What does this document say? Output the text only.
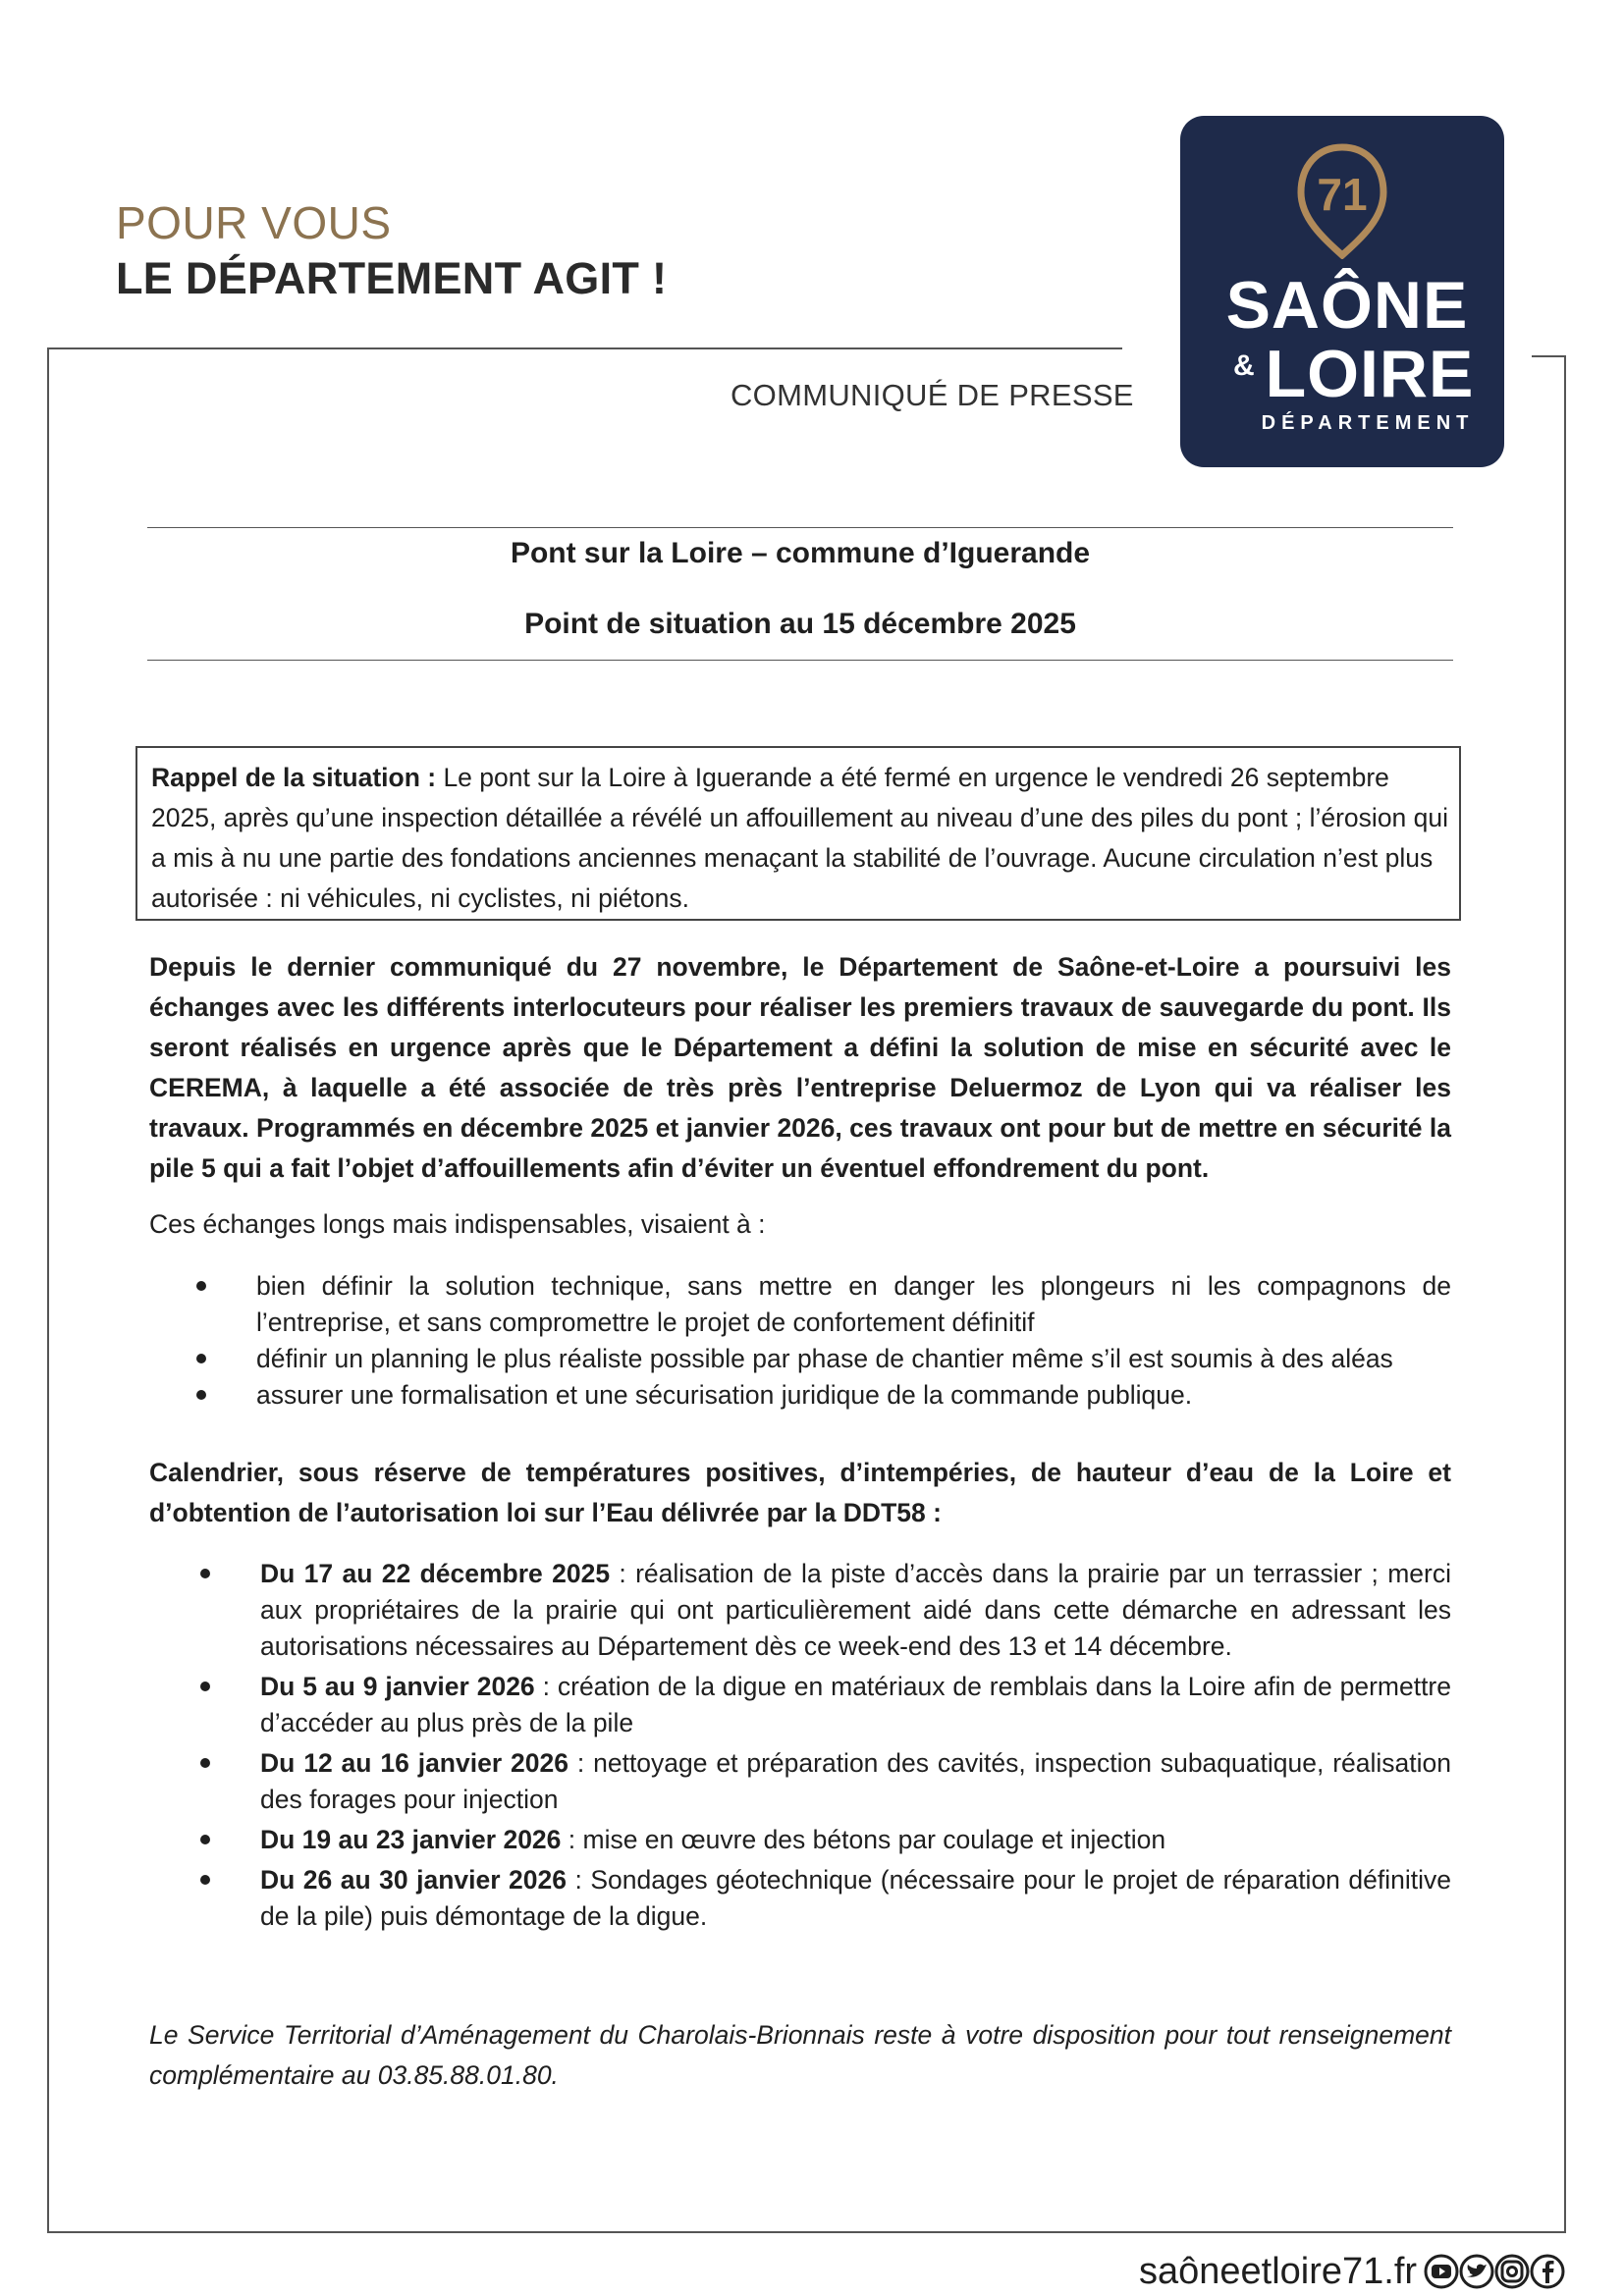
POUR VOUS
LE DÉPARTEMENT AGIT !
COMMUNIQUÉ DE PRESSE
71
SAÔNE
& LOIRE
DÉPARTEMENT
Pont sur la Loire – commune d’Iguerande
Point de situation au 15 décembre 2025

Rappel de la situation : Le pont sur la Loire à Iguerande a été fermé en urgence le vendredi 26 septembre 2025, après qu’une inspection détaillée a révélé un affouillement au niveau d’une des piles du pont ; l’érosion qui a mis à nu une partie des fondations anciennes menaçant la stabilité de l’ouvrage. Aucune circulation n’est plus autorisée : ni véhicules, ni cyclistes, ni piétons.

Depuis le dernier communiqué du 27 novembre, le Département de Saône-et-Loire a poursuivi les échanges avec les différents interlocuteurs pour réaliser les premiers travaux de sauvegarde du pont. Ils seront réalisés en urgence après que le Département a défini la solution de mise en sécurité avec le CEREMA, à laquelle a été associée de très près l’entreprise Deluermoz de Lyon qui va réaliser les travaux. Programmés en décembre 2025 et janvier 2026, ces travaux ont pour but de mettre en sécurité la pile 5 qui a fait l’objet d’affouillements afin d’éviter un éventuel effondrement du pont.

Ces échanges longs mais indispensables, visaient à :

bien définir la solution technique, sans mettre en danger les plongeurs ni les compagnons de l’entreprise, et sans compromettre le projet de confortement définitif
définir un planning le plus réaliste possible par phase de chantier même s’il est soumis à des aléas
assurer une formalisation et une sécurisation juridique de la commande publique.

Calendrier, sous réserve de températures positives, d’intempéries, de hauteur d’eau de la Loire et d’obtention de l’autorisation loi sur l’Eau délivrée par la DDT58 :

Du 17 au 22 décembre 2025 : réalisation de la piste d’accès dans la prairie par un terrassier ; merci aux propriétaires de la prairie qui ont particulièrement aidé dans cette démarche en adressant les autorisations nécessaires au Département dès ce week-end des 13 et 14 décembre.
Du 5 au 9 janvier 2026 : création de la digue en matériaux de remblais dans la Loire afin de permettre d’accéder au plus près de la pile
Du 12 au 16 janvier 2026 : nettoyage et préparation des cavités, inspection subaquatique, réalisation des forages pour injection
Du 19 au 23 janvier 2026 : mise en œuvre des bétons par coulage et injection
Du 26 au 30 janvier 2026 : Sondages géotechnique (nécessaire pour le projet de réparation définitive de la pile) puis démontage de la digue.

Le Service Territorial d’Aménagement du Charolais-Brionnais reste à votre disposition pour tout renseignement complémentaire au 03.85.88.01.80.

saôneetloire71.fr
